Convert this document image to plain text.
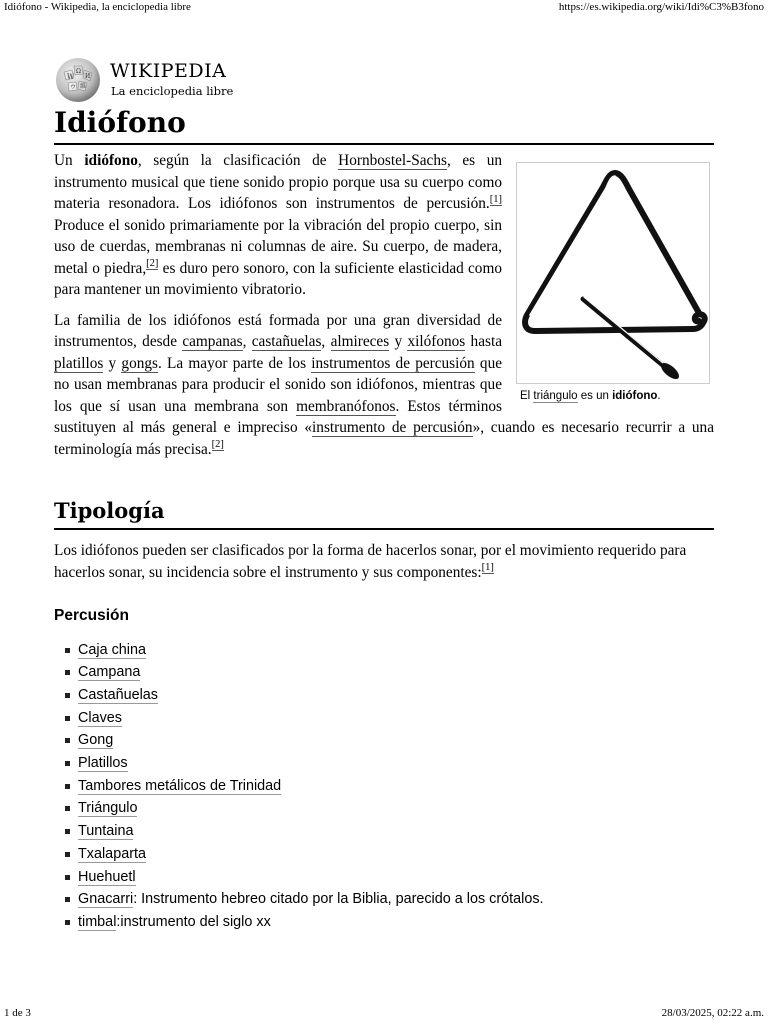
Idiófono - Wikipedia, la enciclopedia libre	https://es.wikipedia.org/wiki/Idi%C3%B3fono
W
Ω
И
ウ 維
WIKIPEDIA
La enciclopedia libre
Idiófono
El triángulo es un idiófono.

Un idiófono, según la clasificación de Hornbostel-Sachs, es un instrumento musical que tiene sonido propio porque usa su cuerpo como materia resonadora. Los idiófonos son instrumentos de percusión.[1] Produce el sonido primariamente por la vibración del propio cuerpo, sin uso de cuerdas, membranas ni columnas de aire. Su cuerpo, de madera, metal o piedra,[2] es duro pero sonoro, con la suficiente elasticidad como para mantener un movimiento vibratorio.

La familia de los idiófonos está formada por una gran diversidad de instrumentos, desde campanas, castañuelas, almireces y xilófonos hasta platillos y gongs. La mayor parte de los instrumentos de percusión que no usan membranas para producir el sonido son idiófonos, mientras que los que sí usan una membrana son membranófonos. Estos términos sustituyen al más general e impreciso «instrumento de percusión», cuando es necesario recurrir a una terminología más precisa.[2]

Tipología

Los idiófonos pueden ser clasificados por la forma de hacerlos sonar, por el movimiento requerido para hacerlos sonar, su incidencia sobre el instrumento y sus componentes:[1]

Percusión
Caja china
Campana
Castañuelas
Claves
Gong
Platillos
Tambores metálicos de Trinidad
Triángulo
Tuntaina
Txalaparta
Huehuetl
Gnacarri: Instrumento hebreo citado por la Biblia, parecido a los crótalos.
timbal:instrumento del siglo xx
1 de 3	28/03/2025, 02:22 a.m.
